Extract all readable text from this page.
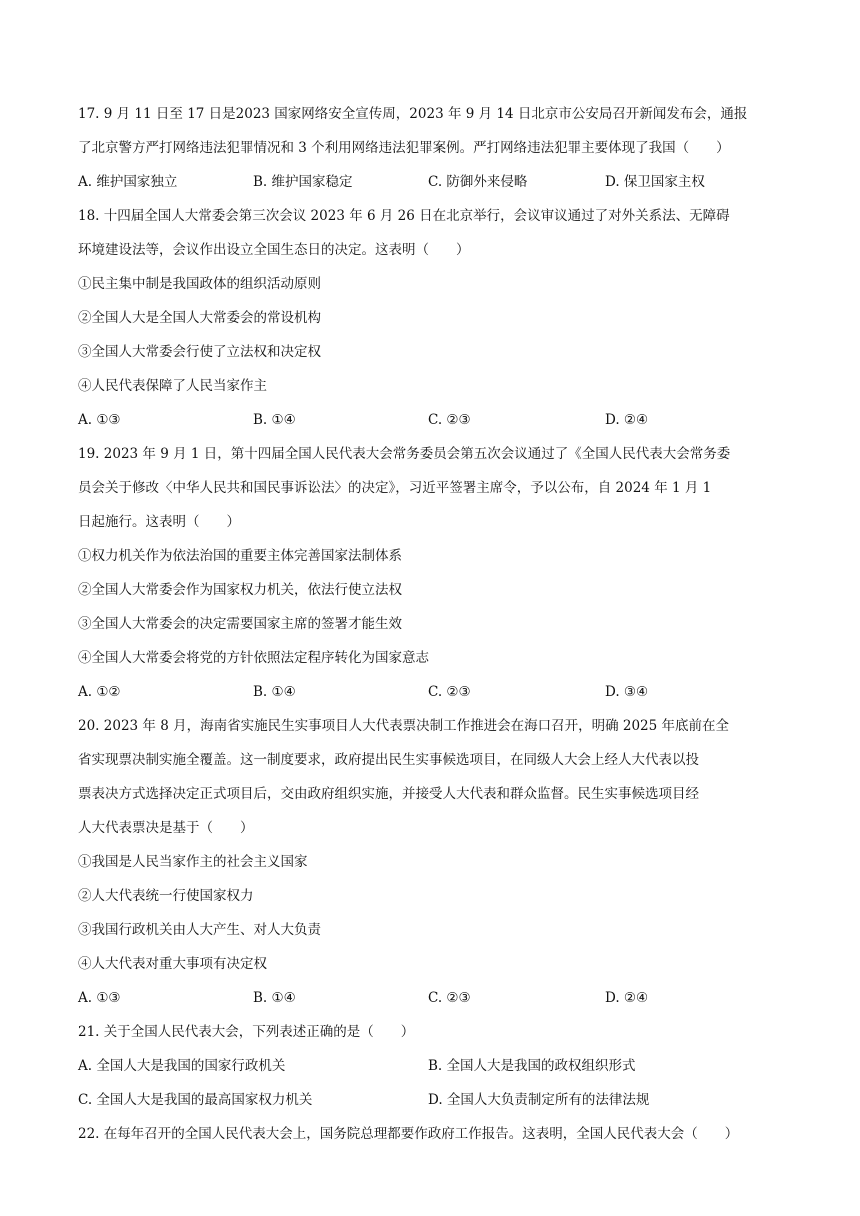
17. 9 月 11 日至 17 日是2023 国家网络安全宣传周，2023 年 9 月 14 日北京市公安局召开新闻发布会，通报
了北京警方严打网络违法犯罪情况和 3 个利用网络违法犯罪案例。严打网络违法犯罪主要体现了我国（　　）
A. 维护国家独立	B. 维护国家稳定	C. 防御外来侵略	D. 保卫国家主权
18. 十四届全国人大常委会第三次会议 2023 年 6 月 26 日在北京举行，会议审议通过了对外关系法、无障碍
环境建设法等，会议作出设立全国生态日的决定。这表明（　　）
①民主集中制是我国政体的组织活动原则
②全国人大是全国人大常委会的常设机构
③全国人大常委会行使了立法权和决定权
④人民代表保障了人民当家作主
A. ①③	B. ①④	C. ②③	D. ②④
19. 2023 年 9 月 1 日，第十四届全国人民代表大会常务委员会第五次会议通过了《全国人民代表大会常务委
员会关于修改〈中华人民共和国民事诉讼法〉的决定》，习近平签署主席令，予以公布，自 2024 年 1 月 1
日起施行。这表明（　　）
①权力机关作为依法治国的重要主体完善国家法制体系
②全国人大常委会作为国家权力机关，依法行使立法权
③全国人大常委会的决定需要国家主席的签署才能生效
④全国人大常委会将党的方针依照法定程序转化为国家意志
A. ①②	B. ①④	C. ②③	D. ③④
20. 2023 年 8 月，海南省实施民生实事项目人大代表票决制工作推进会在海口召开，明确 2025 年底前在全
省实现票决制实施全覆盖。这一制度要求，政府提出民生实事候选项目，在同级人大会上经人大代表以投
票表决方式选择决定正式项目后，交由政府组织实施，并接受人大代表和群众监督。民生实事候选项目经
人大代表票决是基于（　　）
①我国是人民当家作主的社会主义国家
②人大代表统一行使国家权力
③我国行政机关由人大产生、对人大负责
④人大代表对重大事项有决定权
A. ①③	B. ①④	C. ②③	D. ②④
21. 关于全国人民代表大会，下列表述正确的是（　　）
A. 全国人大是我国的国家行政机关	B. 全国人大是我国的政权组织形式
C. 全国人大是我国的最高国家权力机关	D. 全国人大负责制定所有的法律法规
22. 在每年召开的全国人民代表大会上，国务院总理都要作政府工作报告。这表明，全国人民代表大会（　　）
